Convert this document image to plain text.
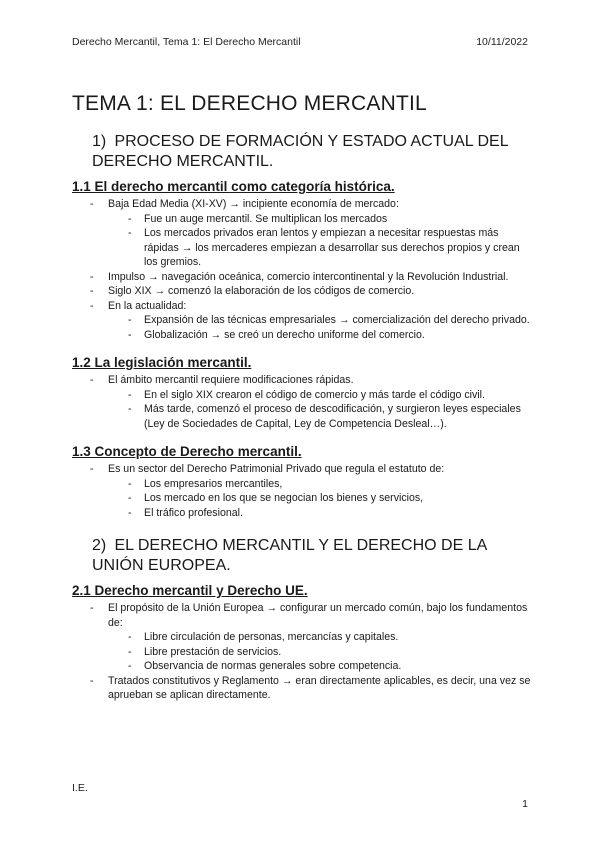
Derecho Mercantil, Tema 1: El Derecho Mercantil	10/11/2022
TEMA 1: EL DERECHO MERCANTIL
1) PROCESO DE FORMACIÓN Y ESTADO ACTUAL DEL DERECHO MERCANTIL.
1.1 El derecho mercantil como categoría histórica.
- Baja Edad Media (XI-XV) → incipiente economía de mercado:
- Fue un auge mercantil. Se multiplican los mercados
- Los mercados privados eran lentos y empiezan a necesitar respuestas más rápidas → los mercaderes empiezan a desarrollar sus derechos propios y crean los gremios.
- Impulso → navegación oceánica, comercio intercontinental y la Revolución Industrial.
- Siglo XIX → comenzó la elaboración de los códigos de comercio.
- En la actualidad:
- Expansión de las técnicas empresariales → comercialización del derecho privado.
- Globalización → se creó un derecho uniforme del comercio.
1.2 La legislación mercantil.
- El ámbito mercantil requiere modificaciones rápidas.
- En el siglo XIX crearon el código de comercio y más tarde el código civil.
- Más tarde, comenzó el proceso de descodificación, y surgieron leyes especiales (Ley de Sociedades de Capital, Ley de Competencia Desleal…).
1.3 Concepto de Derecho mercantil.
- Es un sector del Derecho Patrimonial Privado que regula el estatuto de:
- Los empresarios mercantiles,
- Los mercado en los que se negocian los bienes y servicios,
- El tráfico profesional.
2) EL DERECHO MERCANTIL Y EL DERECHO DE LA UNIÓN EUROPEA.
2.1 Derecho mercantil y Derecho UE.
- El propósito de la Unión Europea → configurar un mercado común, bajo los fundamentos de:
- Libre circulación de personas, mercancías y capitales.
- Libre prestación de servicios.
- Observancia de normas generales sobre competencia.
- Tratados constitutivos y Reglamento → eran directamente aplicables, es decir, una vez se aprueban se aplican directamente.
I.E.
1
